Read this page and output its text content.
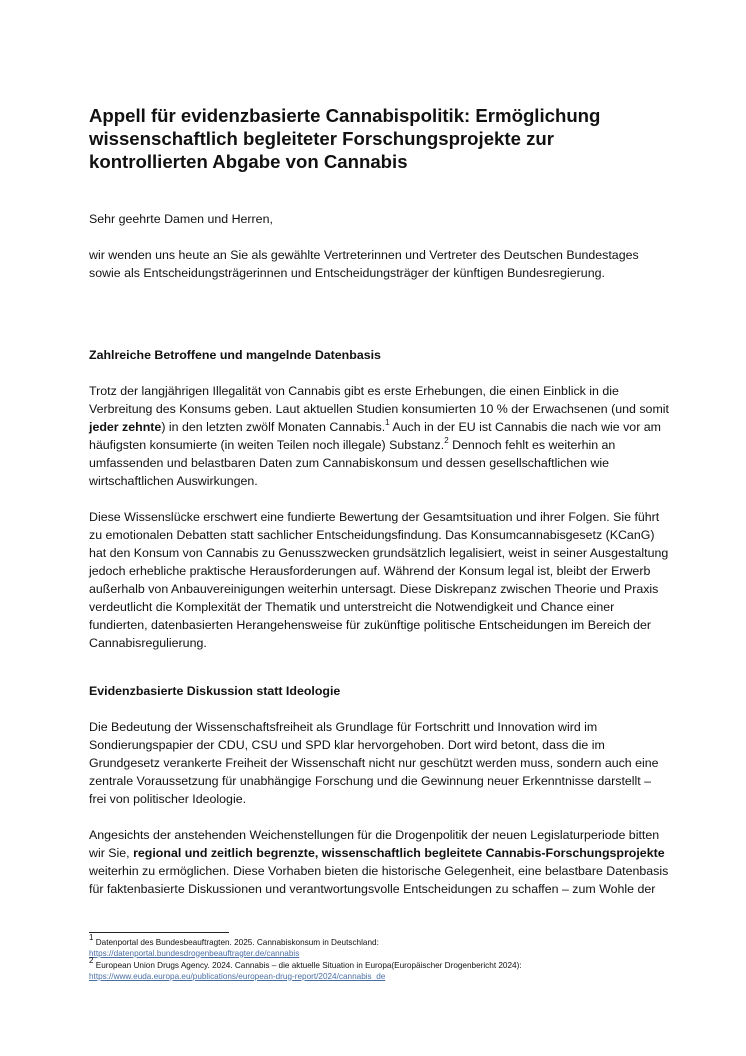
Appell für evidenzbasierte Cannabispolitik: Ermöglichung wissenschaftlich begleiteter Forschungsprojekte zur kontrollierten Abgabe von Cannabis

Sehr geehrte Damen und Herren,

wir wenden uns heute an Sie als gewählte Vertreterinnen und Vertreter des Deutschen Bundestages sowie als Entscheidungsträgerinnen und Entscheidungsträger der künftigen Bundesregierung.

Zahlreiche Betroffene und mangelnde Datenbasis

Trotz der langjährigen Illegalität von Cannabis gibt es erste Erhebungen, die einen Einblick in die Verbreitung des Konsums geben. Laut aktuellen Studien konsumierten 10 % der Erwachsenen (und somit jeder zehnte) in den letzten zwölf Monaten Cannabis.$^1$ Auch in der EU ist Cannabis die nach wie vor am häufigsten konsumierte (in weiten Teilen noch illegale) Substanz.$^2$ Dennoch fehlt es weiterhin an umfassenden und belastbaren Daten zum Cannabiskonsum und dessen gesellschaftlichen wie wirtschaftlichen Auswirkungen.

Diese Wissenslücke erschwert eine fundierte Bewertung der Gesamtsituation und ihrer Folgen. Sie führt zu emotionalen Debatten statt sachlicher Entscheidungsfindung. Das Konsumcannabisgesetz (KCanG) hat den Konsum von Cannabis zu Genusszwecken grundsätzlich legalisiert, weist in seiner Ausgestaltung jedoch erhebliche praktische Herausforderungen auf. Während der Konsum legal ist, bleibt der Erwerb außerhalb von Anbauvereinigungen weiterhin untersagt. Diese Diskrepanz zwischen Theorie und Praxis verdeutlicht die Komplexität der Thematik und unterstreicht die Notwendigkeit und Chance einer fundierten, datenbasierten Herangehensweise für zukünftige politische Entscheidungen im Bereich der Cannabisregulierung.

Evidenzbasierte Diskussion statt Ideologie

Die Bedeutung der Wissenschaftsfreiheit als Grundlage für Fortschritt und Innovation wird im Sondierungspapier der CDU, CSU und SPD klar hervorgehoben. Dort wird betont, dass die im Grundgesetz verankerte Freiheit der Wissenschaft nicht nur geschützt werden muss, sondern auch eine zentrale Voraussetzung für unabhängige Forschung und die Gewinnung neuer Erkenntnisse darstellt – frei von politischer Ideologie.

Angesichts der anstehenden Weichenstellungen für die Drogenpolitik der neuen Legislaturperiode bitten wir Sie, regional und zeitlich begrenzte, wissenschaftlich begleitete Cannabis-Forschungsprojekte weiterhin zu ermöglichen. Diese Vorhaben bieten die historische Gelegenheit, eine belastbare Datenbasis für faktenbasierte Diskussionen und verantwortungsvolle Entscheidungen zu schaffen – zum Wohle der

$^1$ Datenportal des Bundesbeauftragten. 2025. Cannabiskonsum in Deutschland:
https://datenportal.bundesdrogenbeauftragter.de/cannabis

$^2$ European Union Drugs Agency. 2024. Cannabis – die aktuelle Situation in Europa(Europäischer Drogenbericht 2024):
https://www.euda.europa.eu/publications/european-drug-report/2024/cannabis_de
